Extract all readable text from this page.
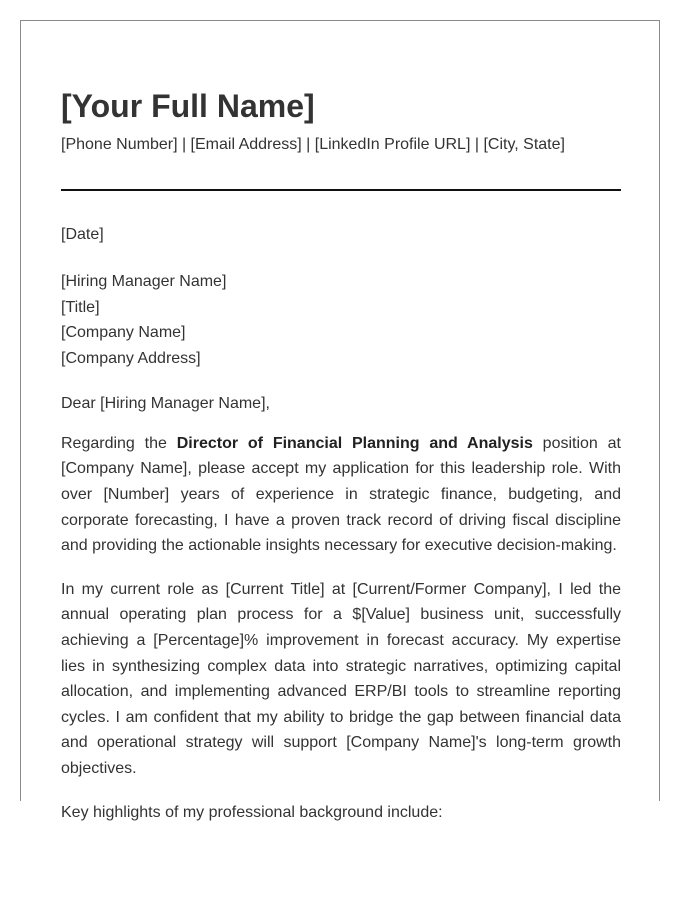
[Your Full Name]
[Phone Number] | [Email Address] | [LinkedIn Profile URL] | [City, State]
[Date]
[Hiring Manager Name]
[Title]
[Company Name]
[Company Address]
Dear [Hiring Manager Name],

Regarding the Director of Financial Planning and Analysis position at [Company Name], please accept my application for this leadership role. With over [Number] years of experience in strategic finance, budgeting, and corporate forecasting, I have a proven track record of driving fiscal discipline and providing the actionable insights necessary for executive decision-making.

In my current role as [Current Title] at [Current/Former Company], I led the annual operating plan process for a $[Value] business unit, successfully achieving a [Percentage]% improvement in forecast accuracy. My expertise lies in synthesizing complex data into strategic narratives, optimizing capital allocation, and implementing advanced ERP/BI tools to streamline reporting cycles. I am confident that my ability to bridge the gap between financial data and operational strategy will support [Company Name]'s long-term growth objectives.

Key highlights of my professional background include:
